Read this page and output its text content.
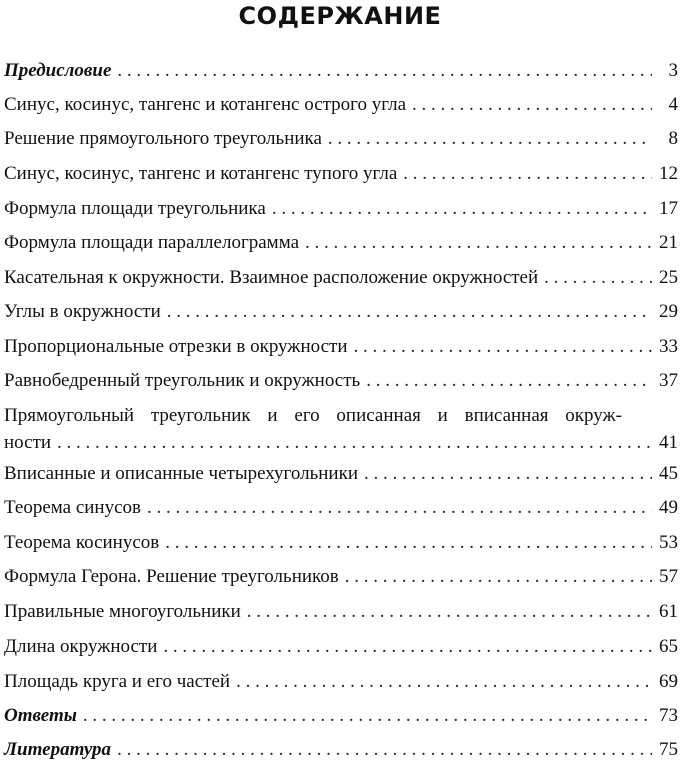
СОДЕРЖАНИЕ
Предисловие . . .	3
Синус, косинус, тангенс и котангенс острого угла . . .	4
Решение прямоугольного треугольника . . .	8
Синус, косинус, тангенс и котангенс тупого угла . . .	12
Формула площади треугольника . . .	17
Формула площади параллелограмма . . .	21
Касательная к окружности. Взаимное расположение окружностей . . .	25
Углы в окружности . . .	29
Пропорциональные отрезки в окружности . . .	33
Равнобедренный треугольник и окружность . . .	37
Прямоугольный треугольник и его описанная и вписанная окруж-
ности . . .	41
Вписанные и описанные четырехугольники . . .	45
Теорема синусов . . .	49
Теорема косинусов . . .	53
Формула Герона. Решение треугольников . . .	57
Правильные многоугольники . . .	61
Длина окружности . . .	65
Площадь круга и его частей . . .	69
Ответы . . .	73
Литература . . .	75
